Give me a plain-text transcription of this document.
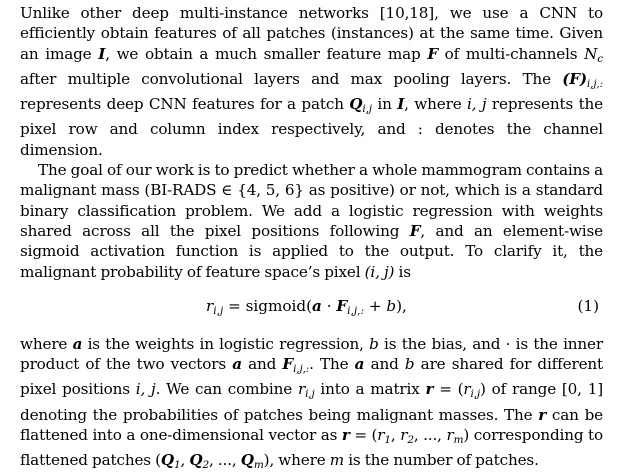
Unlike other deep multi-instance networks [10,18], we use a CNN to efficiently obtain features of all patches (instances) at the same time. Given an image I, we obtain a much smaller feature map F of multi-channels $N_c$ after multiple convolutional layers and max pooling layers. The $(F)_{i,j,:}$ represents deep CNN features for a patch $Q_{i,j}$ in I, where i, j represents the pixel row and column index respectively, and : denotes the channel dimension.

The goal of our work is to predict whether a whole mammogram contains a malignant mass (BI-RADS ∈ {4, 5, 6} as positive) or not, which is a standard binary classification problem. We add a logistic regression with weights shared across all the pixel positions following F, and an element-wise sigmoid activation function is applied to the output. To clarify it, the malignant probability of feature space’s pixel (i, j) is

$r_{i,j}$ = sigmoid(a · $F_{i,j,:} + b$),	(1)

where a is the weights in logistic regression, b is the bias, and · is the inner product of the two vectors a and $F_{i,j,:}$. The a and b are shared for different pixel positions i, j. We can combine $r_{i,j}$ into a matrix $r = (r_{i,j})$ of range [0, 1] denoting the probabilities of patches being malignant masses. The r can be flattened into a one-dimensional vector as $r = (r_1$, $r_2$, ..., $r_m$) corresponding to flattened patches ($Q_1$, $Q_2$, ..., $Q_m$), where m is the number of patches.
